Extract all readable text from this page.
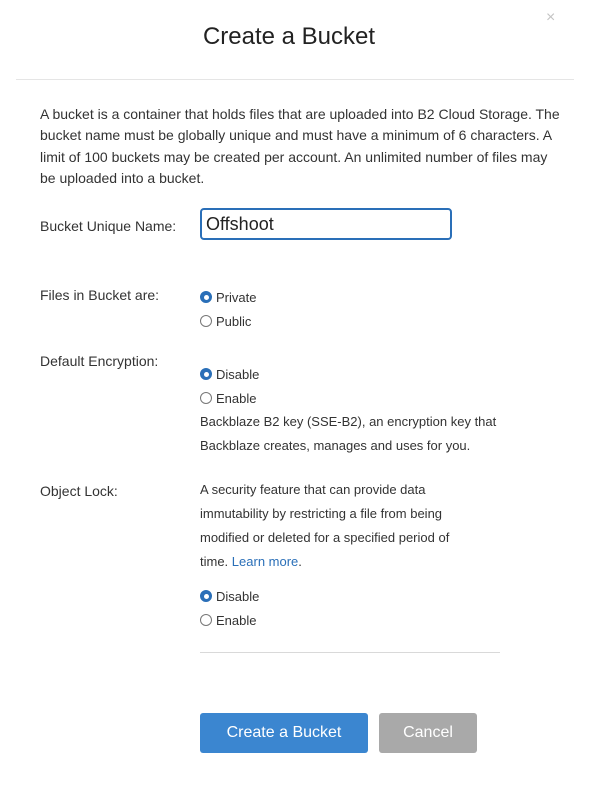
×
Create a Bucket
A bucket is a container that holds files that are uploaded into B2 Cloud Storage. The bucket name must be globally unique and must have a minimum of 6 characters. A limit of 100 buckets may be created per account. An unlimited number of files may be uploaded into a bucket.
Bucket Unique Name:
Offshoot
Files in Bucket are:	Private
Public
Default Encryption:
Disable
Enable
Backblaze B2 key (SSE-B2), an encryption key that
Backblaze creates, manages and uses for you.
Object Lock:	A security feature that can provide data
immutability by restricting a file from being
modified or deleted for a specified period of
time. Learn more.
Disable
Enable
Create a Bucket	Cancel
